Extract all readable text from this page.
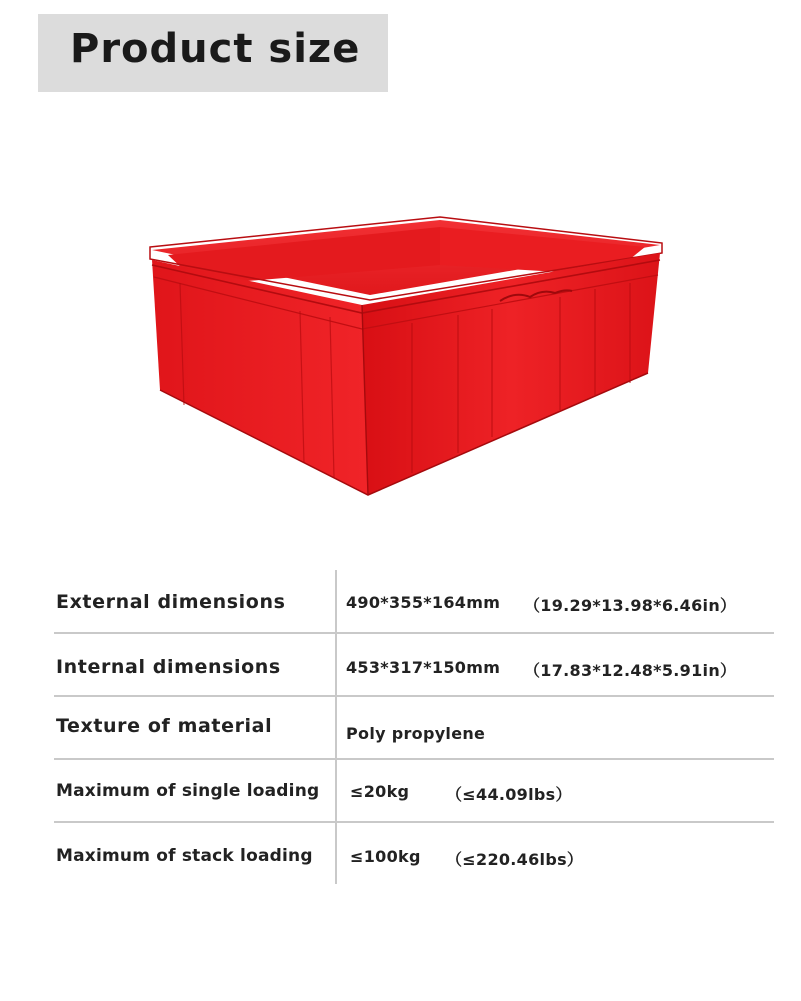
Product size
External dimensions	490*355*164mm （19.29*13.98*6.46in）
Internal dimensions	453*317*150mm （17.83*12.48*5.91in）
Texture of material	Poly propylene
Maximum of single loading ≤20kg （≤44.09lbs）
Maximum of stack loading ≤100kg （≤220.46lbs）
